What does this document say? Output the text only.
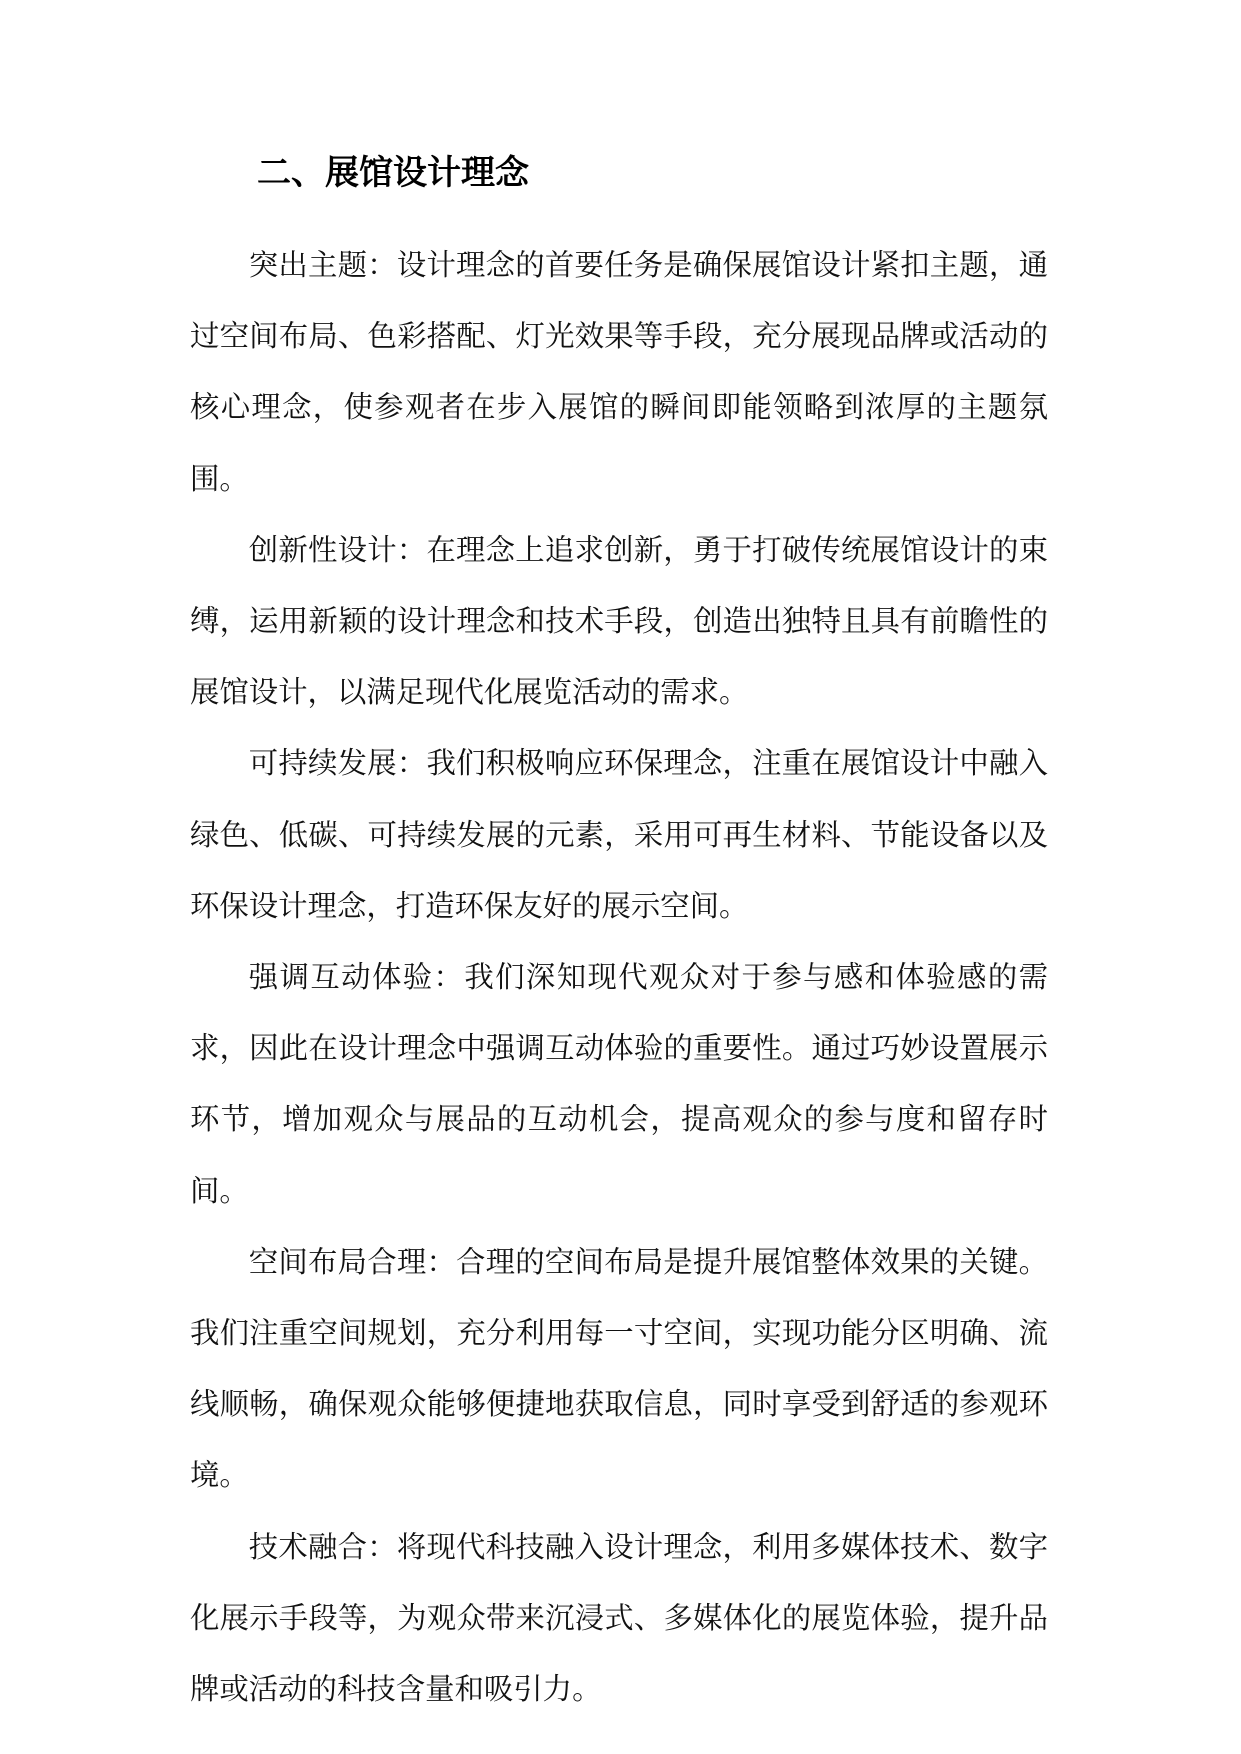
二、展馆设计理念

突出主题：设计理念的首要任务是确保展馆设计紧扣主题，通过空间布局、色彩搭配、灯光效果等手段，充分展现品牌或活动的核心理念，使参观者在步入展馆的瞬间即能领略到浓厚的主题氛围。

创新性设计：在理念上追求创新，勇于打破传统展馆设计的束缚，运用新颖的设计理念和技术手段，创造出独特且具有前瞻性的展馆设计，以满足现代化展览活动的需求。

可持续发展：我们积极响应环保理念，注重在展馆设计中融入绿色、低碳、可持续发展的元素，采用可再生材料、节能设备以及环保设计理念，打造环保友好的展示空间。

强调互动体验：我们深知现代观众对于参与感和体验感的需求，因此在设计理念中强调互动体验的重要性。通过巧妙设置展示环节，增加观众与展品的互动机会，提高观众的参与度和留存时间。

空间布局合理：合理的空间布局是提升展馆整体效果的关键。我们注重空间规划，充分利用每一寸空间，实现功能分区明确、流线顺畅，确保观众能够便捷地获取信息，同时享受到舒适的参观环境。

技术融合：将现代科技融入设计理念，利用多媒体技术、数字化展示手段等，为观众带来沉浸式、多媒体化的展览体验，提升品牌或活动的科技含量和吸引力。
